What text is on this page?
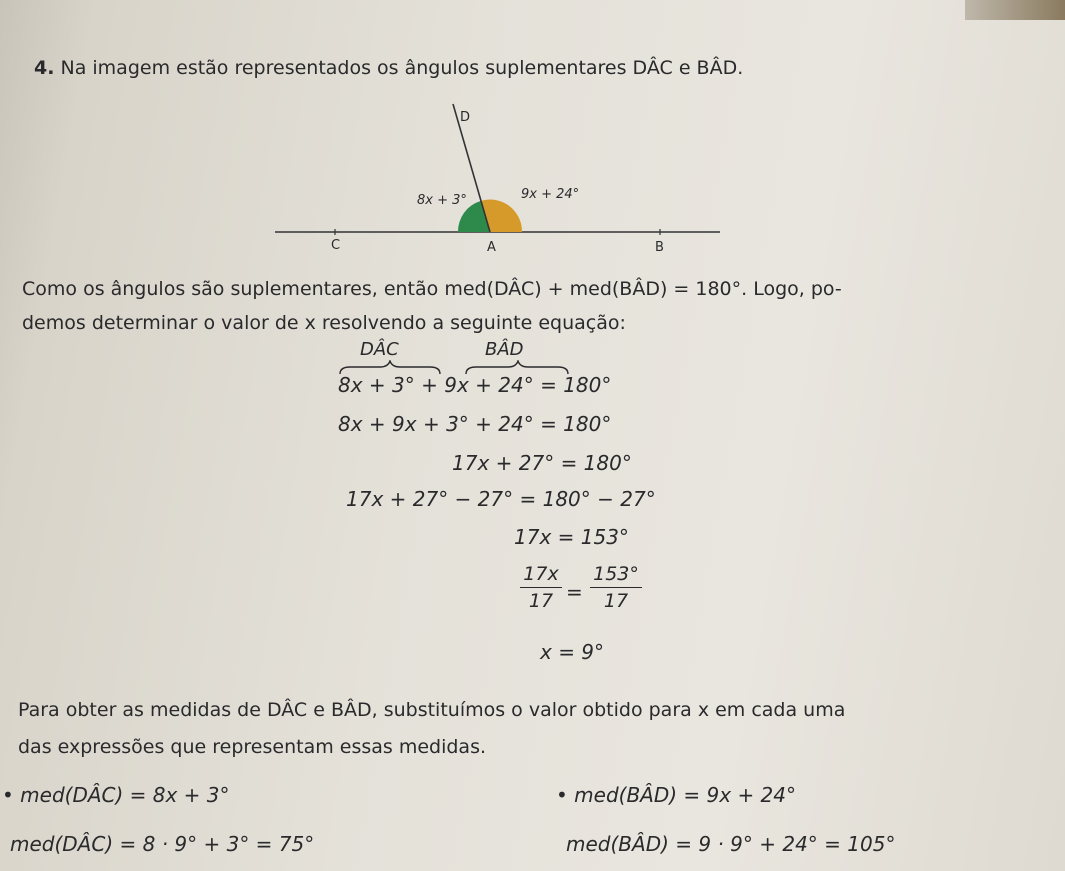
4. Na imagem estão representados os ângulos suplementares DÂC e BÂD.
D
C	A	B
8x + 3°	9x + 24°
Como os ângulos são suplementares, então med(DÂC) + med(BÂD) = 180°. Logo, po-
demos determinar o valor de x resolvendo a seguinte equação:
DÂC	BÂD
8x + 3° + 9x + 24° = 180°
8x + 9x + 3° + 24° = 180°
17x + 27° = 180°
17x + 27° − 27° = 180° − 27°
17x = 153°
17x
17 =
153°
17
x = 9°
Para obter as medidas de DÂC e BÂD, substituímos o valor obtido para x em cada uma
das expressões que representam essas medidas.
• med(DÂC) = 8x + 3°
med(DÂC) = 8 · 9° + 3° = 75°
• med(BÂD) = 9x + 24°
med(BÂD) = 9 · 9° + 24° = 105°
